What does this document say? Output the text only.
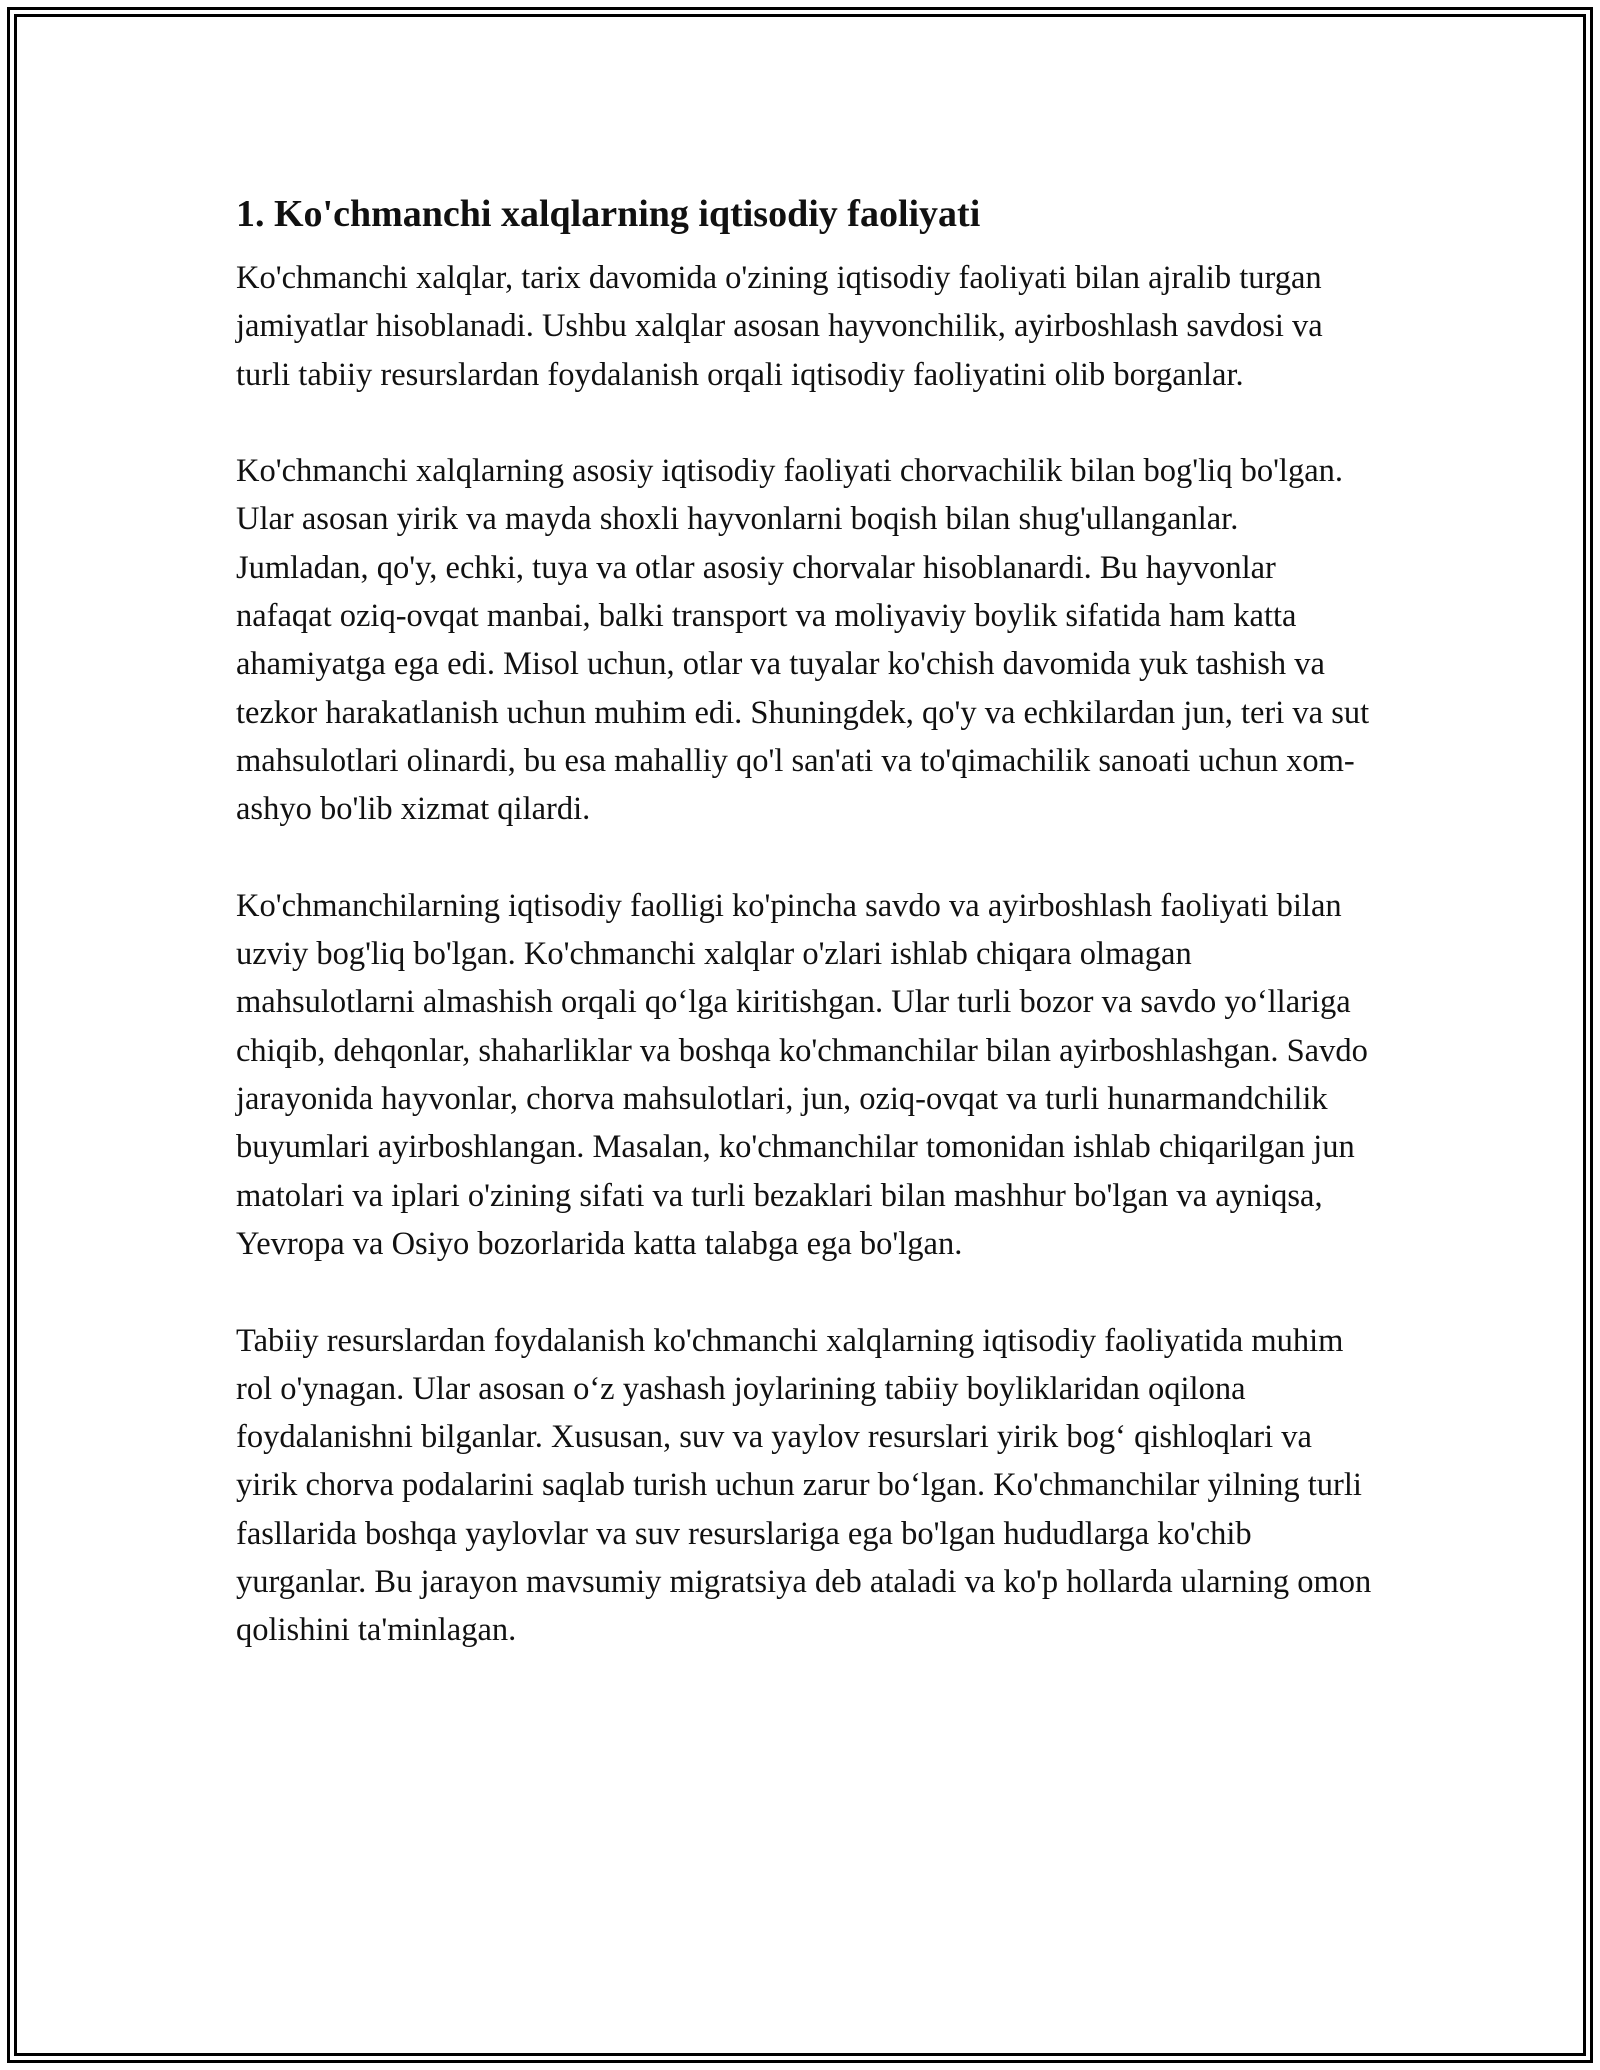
1. Ko'chmanchi xalqlarning iqtisodiy faoliyati

Ko'chmanchi xalqlar, tarix davomida o'zining iqtisodiy faoliyati bilan ajralib turgan jamiyatlar hisoblanadi. Ushbu xalqlar asosan hayvonchilik, ayirboshlash savdosi va turli tabiiy resurslardan foydalanish orqali iqtisodiy faoliyatini olib borganlar.

Ko'chmanchi xalqlarning asosiy iqtisodiy faoliyati chorvachilik bilan bog'liq bo'lgan. Ular asosan yirik va mayda shoxli hayvonlarni boqish bilan shug'ullanganlar. Jumladan, qo'y, echki, tuya va otlar asosiy chorvalar hisoblanardi. Bu hayvonlar nafaqat oziq-ovqat manbai, balki transport va moliyaviy boylik sifatida ham katta ahamiyatga ega edi. Misol uchun, otlar va tuyalar ko'chish davomida yuk tashish va tezkor harakatlanish uchun muhim edi. Shuningdek, qo'y va echkilardan jun, teri va sut mahsulotlari olinardi, bu esa mahalliy qo'l san'ati va to'qimachilik sanoati uchun xom-ashyo bo'lib xizmat qilardi.

Ko'chmanchilarning iqtisodiy faolligi ko'pincha savdo va ayirboshlash faoliyati bilan uzviy bog'liq bo'lgan. Ko'chmanchi xalqlar o'zlari ishlab chiqara olmagan mahsulotlarni almashish orqali qo‘lga kiritishgan. Ular turli bozor va savdo yo‘llariga chiqib, dehqonlar, shaharliklar va boshqa ko'chmanchilar bilan ayirboshlashgan. Savdo jarayonida hayvonlar, chorva mahsulotlari, jun, oziq-ovqat va turli hunarmandchilik buyumlari ayirboshlangan. Masalan, ko'chmanchilar tomonidan ishlab chiqarilgan jun matolari va iplari o'zining sifati va turli bezaklari bilan mashhur bo'lgan va ayniqsa, Yevropa va Osiyo bozorlarida katta talabga ega bo'lgan.

Tabiiy resurslardan foydalanish ko'chmanchi xalqlarning iqtisodiy faoliyatida muhim rol o'ynagan. Ular asosan o‘z yashash joylarining tabiiy boyliklaridan oqilona foydalanishni bilganlar. Xususan, suv va yaylov resurslari yirik bog‘ qishloqlari va yirik chorva podalarini saqlab turish uchun zarur bo‘lgan. Ko'chmanchilar yilning turli fasllarida boshqa yaylovlar va suv resurslariga ega bo'lgan hududlarga ko'chib yurganlar. Bu jarayon mavsumiy migratsiya deb ataladi va ko'p hollarda ularning omon qolishini ta'minlagan.
